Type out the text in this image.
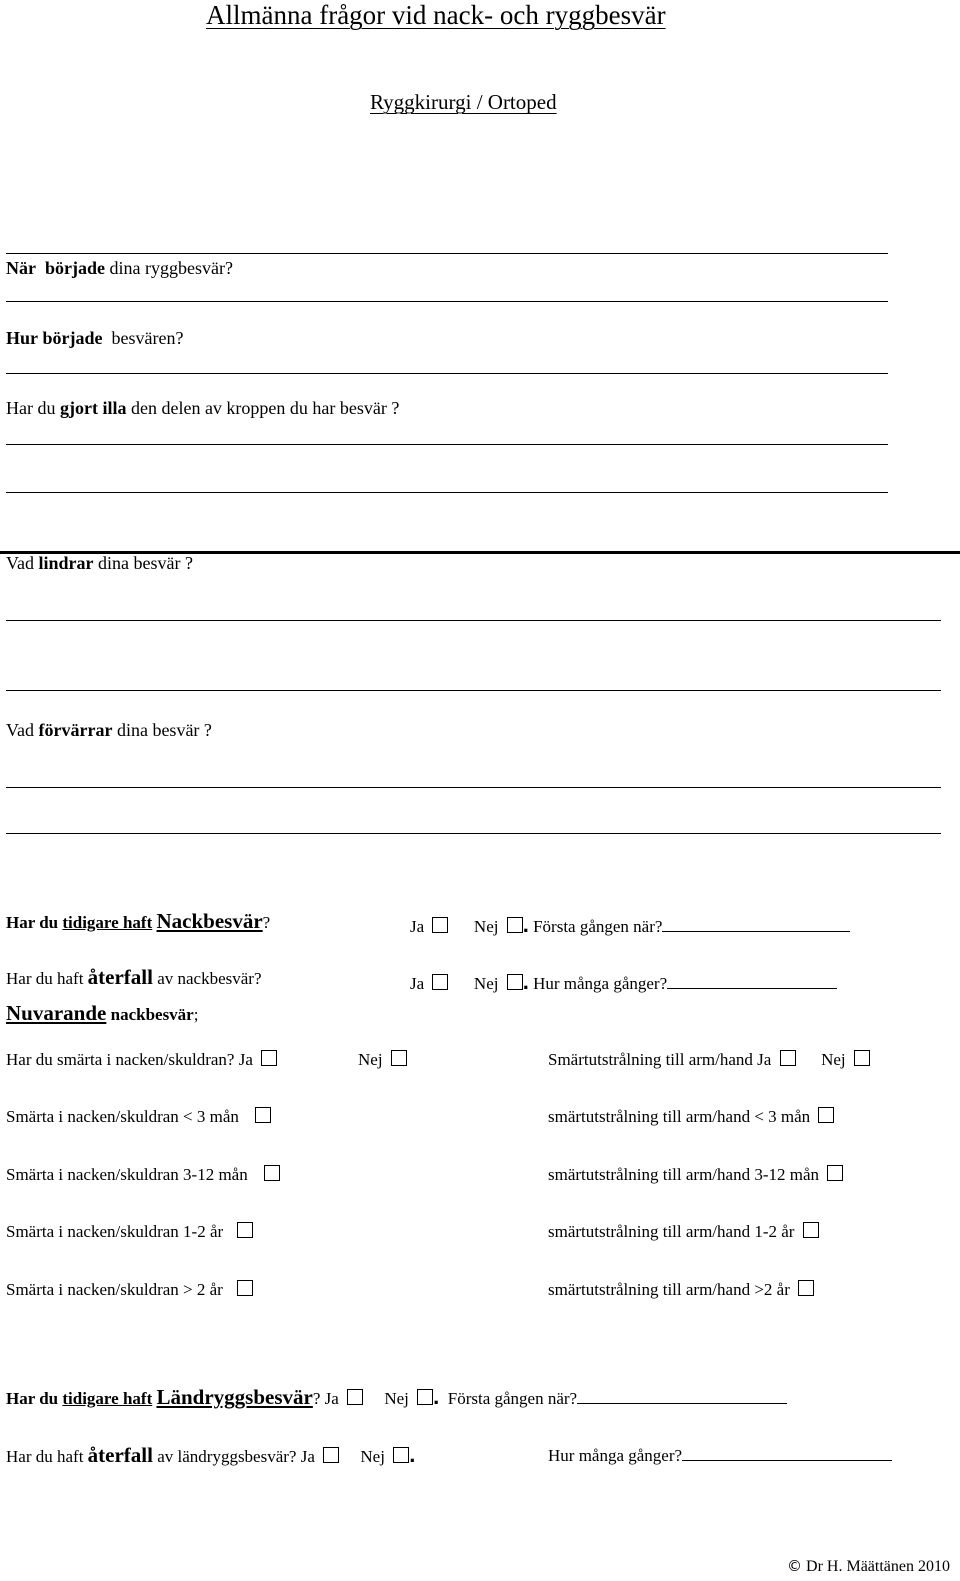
Allmänna frågor vid nack- och ryggbesvär
Ryggkirurgi / Ortoped
När började dina ryggbesvär?
Hur började besvären?
Har du gjort illa den delen av kroppen du har besvär ?
Vad lindrar dina besvär ?
Vad förvärrar dina besvär ?
Har du tidigare haft Nackbesvär?	Ja	Nej . Första gången när?
Har du haft återfall av nackbesvär?	Ja	Nej . Hur många gånger?
Nuvarande nackbesvär;
Har du smärta i nacken/skuldran? Ja	Nej	Smärtutstrålning till arm/hand Ja	Nej
Smärta i nacken/skuldran < 3 mån	smärtutstrålning till arm/hand < 3 mån
Smärta i nacken/skuldran 3-12 mån	smärtutstrålning till arm/hand 3-12 mån
Smärta i nacken/skuldran 1-2 år	smärtutstrålning till arm/hand 1-2 år
Smärta i nacken/skuldran > 2 år	smärtutstrålning till arm/hand >2 år
Har du tidigare haft Ländryggsbesvär? Ja	Nej . Första gången när?
Har du haft återfall av ländryggsbesvär? Ja	Nej .	Hur många gånger?
© Dr H. Määttänen 2010
